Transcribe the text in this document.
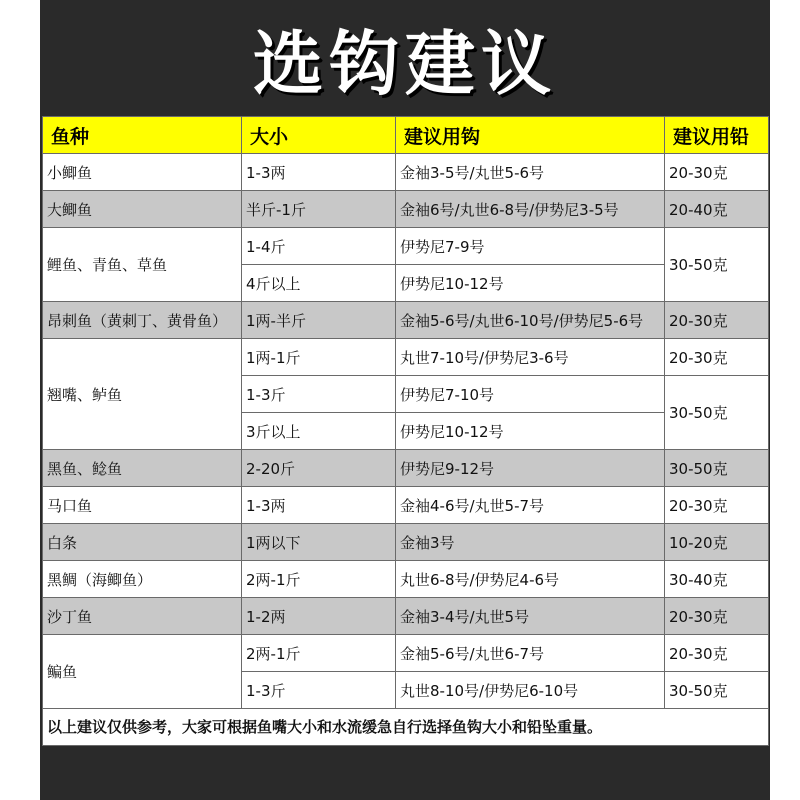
选钩建议
鱼种	大小	建议用钩	建议用铅
小鲫鱼	1-3两	金袖3-5号/丸世5-6号	20-30克
大鲫鱼	半斤-1斤	金袖6号/丸世6-8号/伊势尼3-5号	20-40克
鲤鱼、青鱼、草鱼	1-4斤	伊势尼7-9号	30-50克
	4斤以上	伊势尼10-12号	
昂刺鱼（黄刺丁、黄骨鱼）	1两-半斤	金袖5-6号/丸世6-10号/伊势尼5-6号	20-30克
翘嘴、鲈鱼	1两-1斤	丸世7-10号/伊势尼3-6号	20-30克
	1-3斤	伊势尼7-10号	30-50克
	3斤以上	伊势尼10-12号	
黑鱼、鲶鱼	2-20斤	伊势尼9-12号	30-50克
马口鱼	1-3两	金袖4-6号/丸世5-7号	20-30克
白条	1两以下	金袖3号	10-20克
黑鲷（海鲫鱼）	2两-1斤	丸世6-8号/伊势尼4-6号	30-40克
沙丁鱼	1-2两	金袖3-4号/丸世5号	20-30克
鳊鱼	2两-1斤	金袖5-6号/丸世6-7号	20-30克
	1-3斤	丸世8-10号/伊势尼6-10号	30-50克
以上建议仅供参考，大家可根据鱼嘴大小和水流缓急自行选择鱼钩大小和铅坠重量。			
